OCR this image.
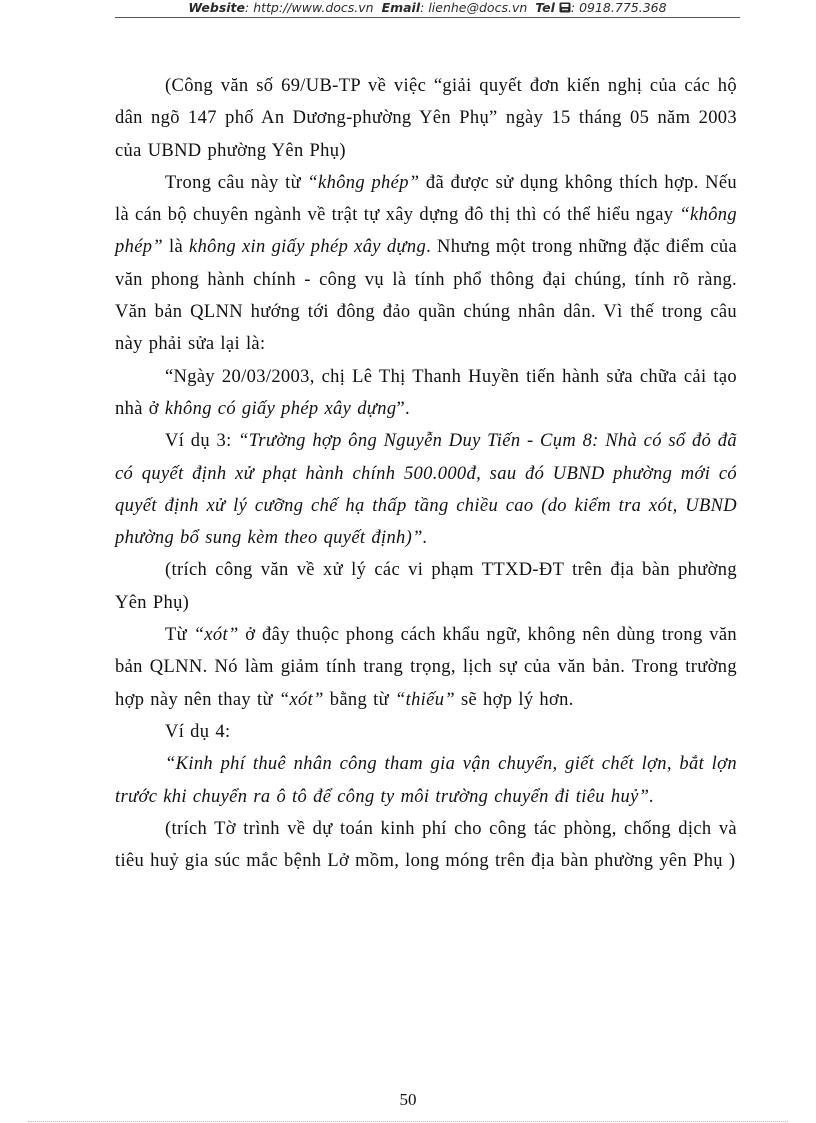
Website: http://www.docs.vn Email: lienhe@docs.vn Tel : 0918.775.368

(Công văn số 69/UB-TP về việc “giải quyết đơn kiến nghị của các hộ dân ngõ 147 phố An Dương-phường Yên Phụ” ngày 15 tháng 05 năm 2003 của UBND phường Yên Phụ)

Trong câu này từ “không phép” đã được sử dụng không thích hợp. Nếu là cán bộ chuyên ngành về trật tự xây dựng đô thị thì có thể hiểu ngay “không phép” là không xin giấy phép xây dựng. Nhưng một trong những đặc điểm của văn phong hành chính - công vụ là tính phổ thông đại chúng, tính rõ ràng. Văn bản QLNN hướng tới đông đảo quần chúng nhân dân. Vì thế trong câu này phải sửa lại là:

“Ngày 20/03/2003, chị Lê Thị Thanh Huyền tiến hành sửa chữa cải tạo nhà ở không có giấy phép xây dựng”.

Ví dụ 3: “Trường hợp ông Nguyễn Duy Tiến - Cụm 8: Nhà có sổ đỏ đã có quyết định xử phạt hành chính 500.000đ, sau đó UBND phường mới có quyết định xử lý cưỡng chế hạ thấp tầng chiều cao (do kiểm tra xót, UBND phường bổ sung kèm theo quyết định)”.

(trích công văn về xử lý các vi phạm TTXD-ĐT trên địa bàn phường Yên Phụ)

Từ “xót” ở đây thuộc phong cách khẩu ngữ, không nên dùng trong văn bản QLNN. Nó làm giảm tính trang trọng, lịch sự của văn bản. Trong trường hợp này nên thay từ “xót” bằng từ “thiếu” sẽ hợp lý hơn.

Ví dụ 4:

“Kinh phí thuê nhân công tham gia vận chuyển, giết chết lợn, bắt lợn trước khi chuyển ra ô tô để công ty môi trường chuyển đi tiêu huỷ”.

(trích Tờ trình về dự toán kinh phí cho công tác phòng, chống dịch và tiêu huỷ gia súc mắc bệnh Lở mồm, long móng trên địa bàn phường yên Phụ )

50
